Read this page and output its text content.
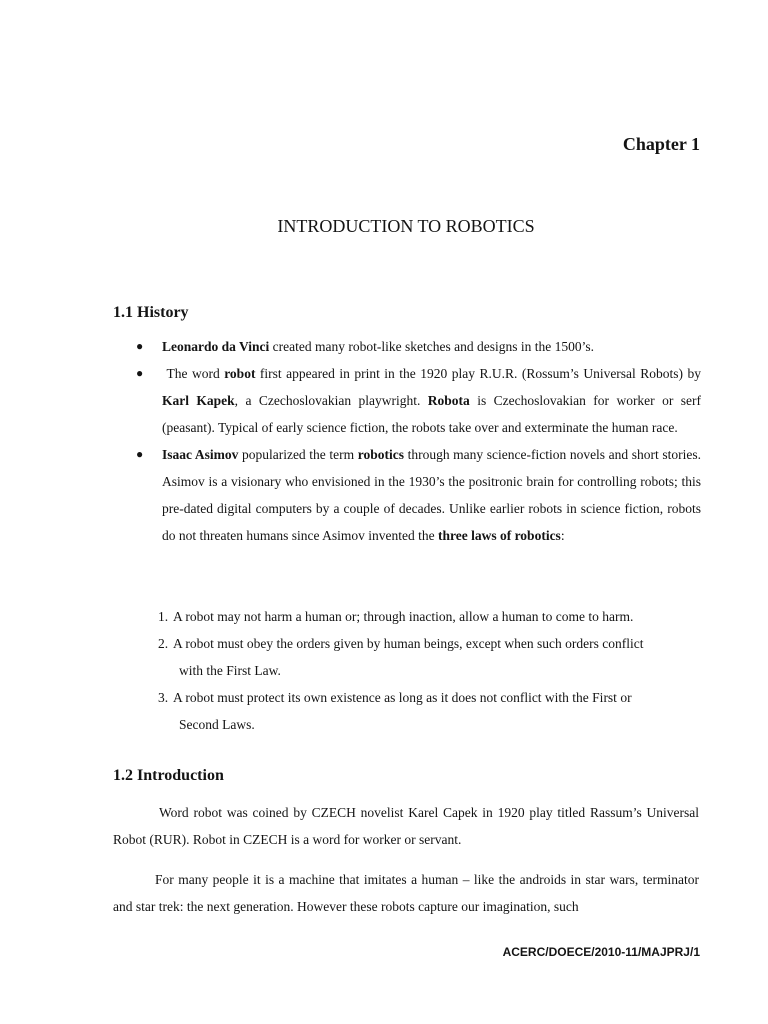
Chapter 1
INTRODUCTION TO ROBOTICS
1.1 History
● Leonardo da Vinci created many robot-like sketches and designs in the 1500’s.
● The word robot first appeared in print in the 1920 play R.U.R. (Rossum’s Universal Robots) by Karl Kapek, a Czechoslovakian playwright. Robota is Czechoslovakian for worker or serf (peasant). Typical of early science fiction, the robots take over and exterminate the human race.
● Isaac Asimov popularized the term robotics through many science-fiction novels and short stories. Asimov is a visionary who envisioned in the 1930’s the positronic brain for controlling robots; this pre-dated digital computers by a couple of decades. Unlike earlier robots in science fiction, robots do not threaten humans since Asimov invented the three laws of robotics:
1. A robot may not harm a human or; through inaction, allow a human to come to harm.
2. A robot must obey the orders given by human beings, except when such orders conflict
with the First Law.
3. A robot must protect its own existence as long as it does not conflict with the First or
Second Laws.
1.2 Introduction

Word robot was coined by CZECH novelist Karel Capek in 1920 play titled Rassum’s Universal Robot (RUR). Robot in CZECH is a word for worker or servant.

For many people it is a machine that imitates a human – like the androids in star wars, terminator and star trek: the next generation. However these robots capture our imagination, such

ACERC/DOECE/2010-11/MAJPRJ/1
